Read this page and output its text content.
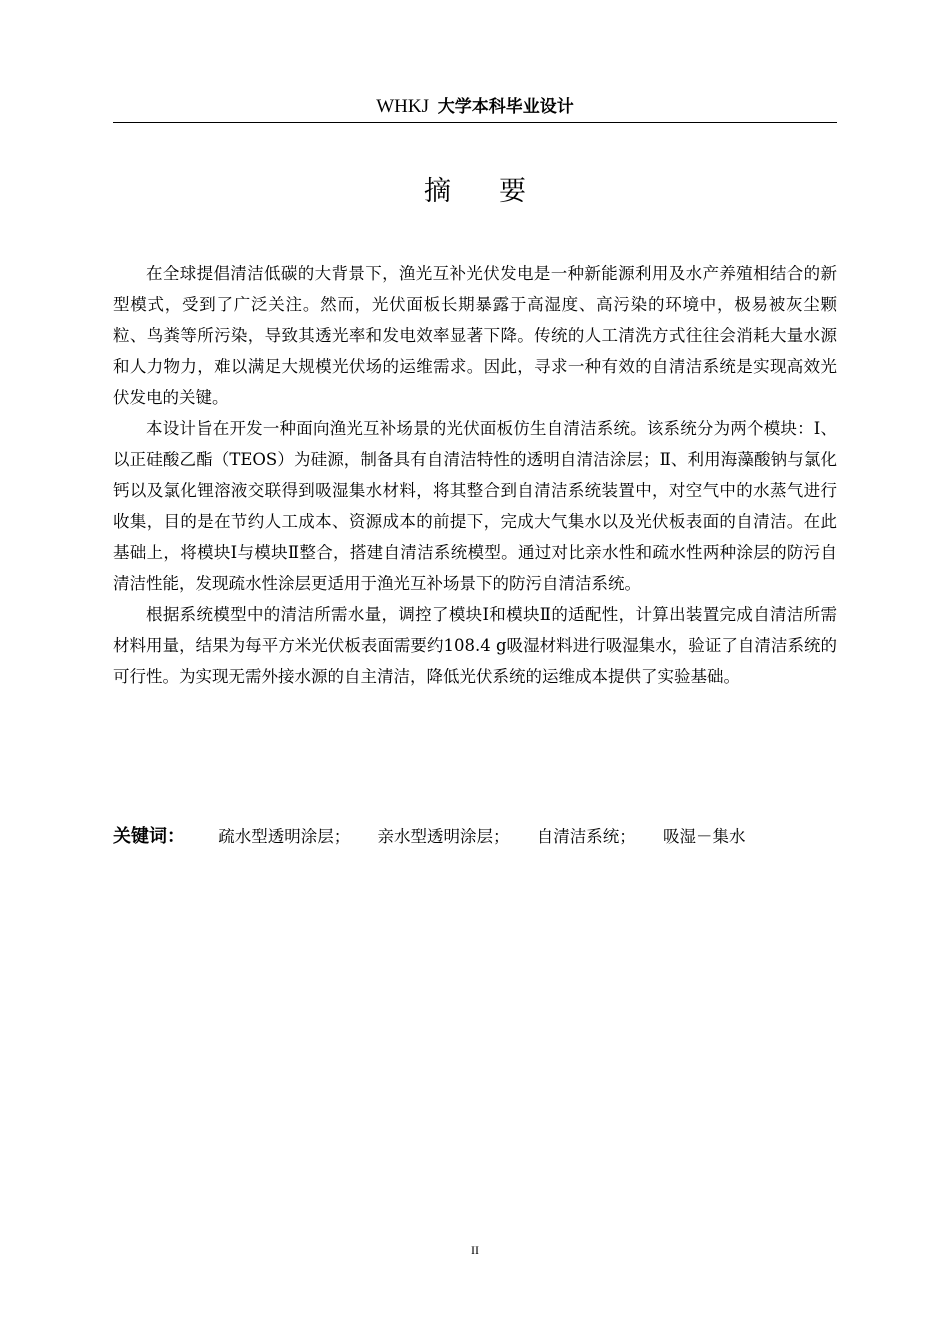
WHKJ 大学本科毕业设计
摘要

在全球提倡清洁低碳的大背景下，渔光互补光伏发电是一种新能源利用及水产养殖相结合的新型模式，受到了广泛关注。然而，光伏面板长期暴露于高湿度、高污染的环境中，极易被灰尘颗粒、鸟粪等所污染，导致其透光率和发电效率显著下降。传统的人工清洗方式往往会消耗大量水源和人力物力，难以满足大规模光伏场的运维需求。因此，寻求一种有效的自清洁系统是实现高效光伏发电的关键。

本设计旨在开发一种面向渔光互补场景的光伏面板仿生自清洁系统。该系统分为两个模块：Ⅰ、以正硅酸乙酯（TEOS）为硅源，制备具有自清洁特性的透明自清洁涂层；Ⅱ、利用海藻酸钠与氯化钙以及氯化锂溶液交联得到吸湿集水材料，将其整合到自清洁系统装置中，对空气中的水蒸气进行收集，目的是在节约人工成本、资源成本的前提下，完成大气集水以及光伏板表面的自清洁。在此基础上，将模块Ⅰ与模块Ⅱ整合，搭建自清洁系统模型。通过对比亲水性和疏水性两种涂层的防污自清洁性能，发现疏水性涂层更适用于渔光互补场景下的防污自清洁系统。

根据系统模型中的清洁所需水量，调控了模块Ⅰ和模块Ⅱ的适配性，计算出装置完成自清洁所需材料用量，结果为每平方米光伏板表面需要约108.4 g吸湿材料进行吸湿集水，验证了自清洁系统的可行性。为实现无需外接水源的自主清洁，降低光伏系统的运维成本提供了实验基础。

关键词： 疏水型透明涂层； 亲水型透明涂层； 自清洁系统； 吸湿－集水
II
